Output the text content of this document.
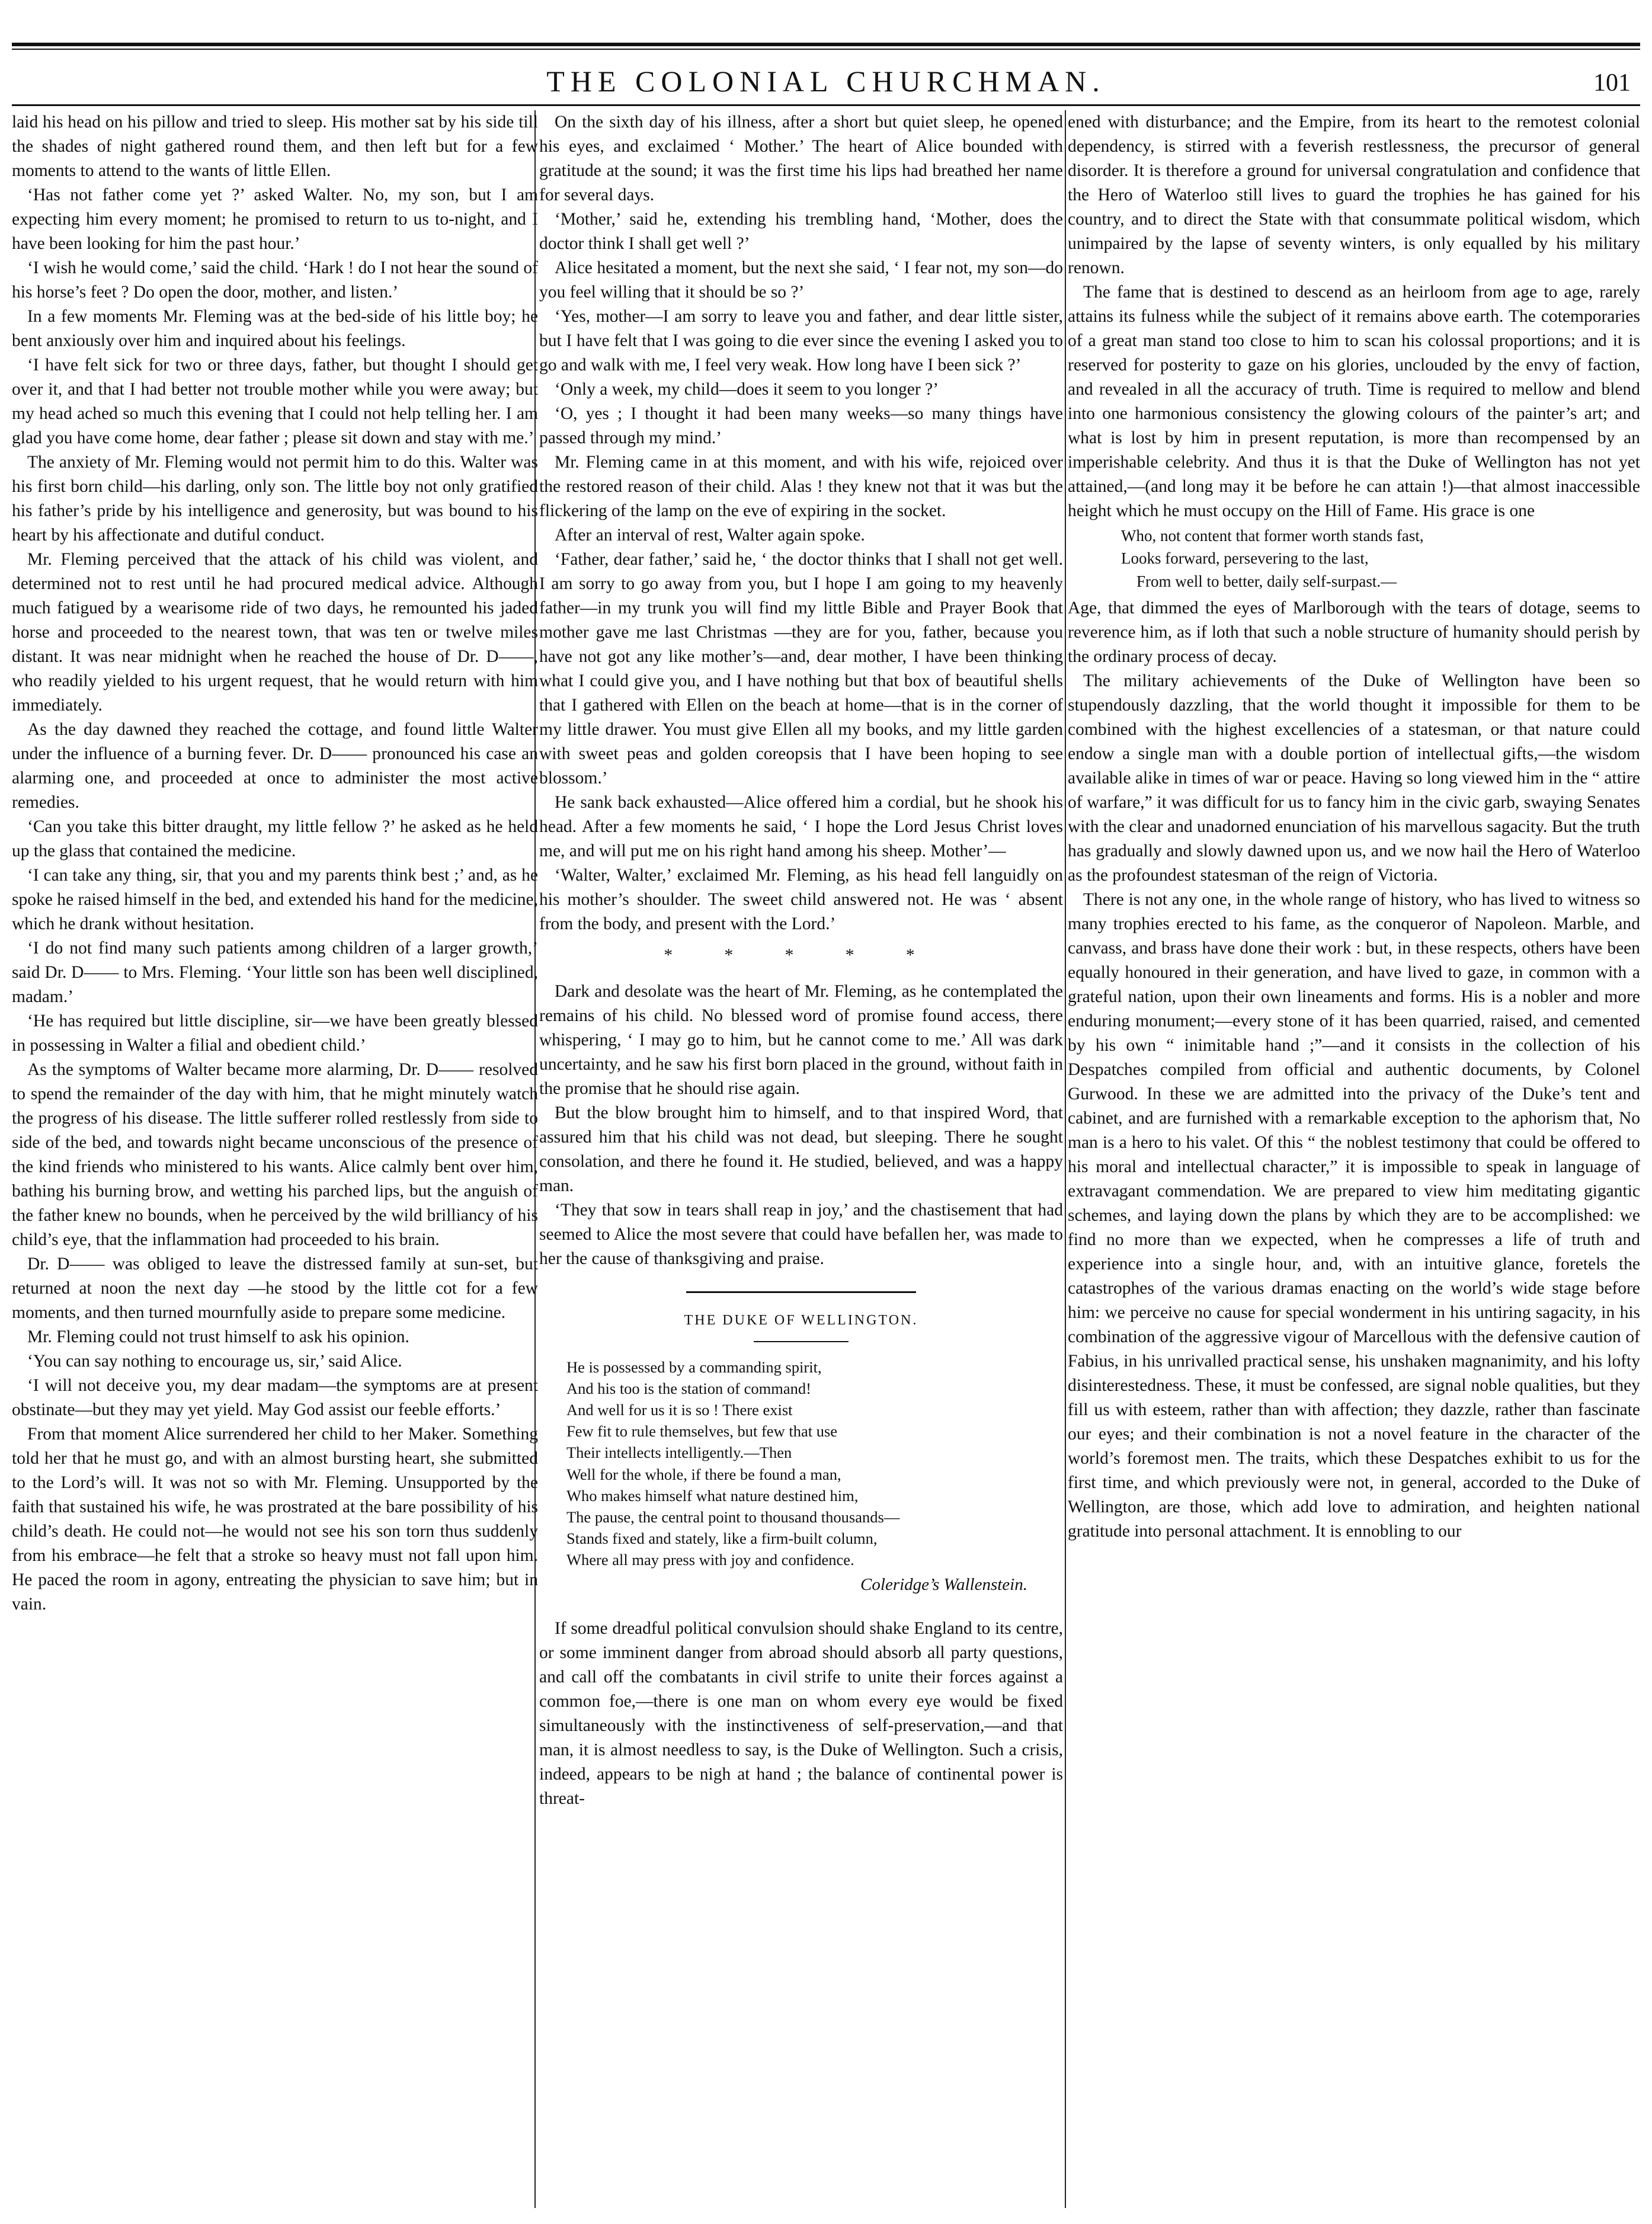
THE COLONIAL CHURCHMAN.	101

laid his head on his pillow and tried to sleep. His mother sat by his side till the shades of night gathered round them, and then left but for a few moments to attend to the wants of little Ellen.

‘Has not father come yet ?’ asked Walter. No, my son, but I am expecting him every moment; he promised to return to us to-night, and I have been looking for him the past hour.’

‘I wish he would come,’ said the child. ‘Hark ! do I not hear the sound of his horse’s feet ? Do open the door, mother, and listen.’

In a few moments Mr. Fleming was at the bed-side of his little boy; he bent anxiously over him and inquired about his feelings.

‘I have felt sick for two or three days, father, but thought I should get over it, and that I had better not trouble mother while you were away; but my head ached so much this evening that I could not help telling her. I am glad you have come home, dear father ; please sit down and stay with me.’

The anxiety of Mr. Fleming would not permit him to do this. Walter was his first born child—his darling, only son. The little boy not only gratified his father’s pride by his intelligence and generosity, but was bound to his heart by his affectionate and dutiful conduct.

Mr. Fleming perceived that the attack of his child was violent, and determined not to rest until he had procured medical advice. Although much fatigued by a wearisome ride of two days, he remounted his jaded horse and proceeded to the nearest town, that was ten or twelve miles distant. It was near midnight when he reached the house of Dr. D——, who readily yielded to his urgent request, that he would return with him immediately.

As the day dawned they reached the cottage, and found little Walter under the influence of a burning fever. Dr. D—— pronounced his case an alarming one, and proceeded at once to administer the most active remedies.

‘Can you take this bitter draught, my little fellow ?’ he asked as he held up the glass that contained the medicine.

‘I can take any thing, sir, that you and my parents think best ;’ and, as he spoke he raised himself in the bed, and extended his hand for the medicine, which he drank without hesitation.

‘I do not find many such patients among children of a larger growth,’ said Dr. D—— to Mrs. Fleming. ‘Your little son has been well disciplined, madam.’

‘He has required but little discipline, sir—we have been greatly blessed in possessing in Walter a filial and obedient child.’

As the symptoms of Walter became more alarming, Dr. D—— resolved to spend the remainder of the day with him, that he might minutely watch the progress of his disease. The little sufferer rolled restlessly from side to side of the bed, and towards night became unconscious of the presence of the kind friends who ministered to his wants. Alice calmly bent over him, bathing his burning brow, and wetting his parched lips, but the anguish of the father knew no bounds, when he perceived by the wild brilliancy of his child’s eye, that the inflammation had proceeded to his brain.

Dr. D—— was obliged to leave the distressed family at sun-set, but returned at noon the next day —he stood by the little cot for a few moments, and then turned mournfully aside to prepare some medicine.

Mr. Fleming could not trust himself to ask his opinion.

‘You can say nothing to encourage us, sir,’ said Alice.

‘I will not deceive you, my dear madam—the symptoms are at present obstinate—but they may yet yield. May God assist our feeble efforts.’

From that moment Alice surrendered her child to her Maker. Something told her that he must go, and with an almost bursting heart, she submitted to the Lord’s will. It was not so with Mr. Fleming. Unsupported by the faith that sustained his wife, he was prostrated at the bare possibility of his child’s death. He could not—he would not see his son torn thus suddenly from his embrace—he felt that a stroke so heavy must not fall upon him. He paced the room in agony, entreating the physician to save him; but in vain.

On the sixth day of his illness, after a short but quiet sleep, he opened his eyes, and exclaimed ‘ Mother.’ The heart of Alice bounded with gratitude at the sound; it was the first time his lips had breathed her name for several days.

‘Mother,’ said he, extending his trembling hand, ‘Mother, does the doctor think I shall get well ?’

Alice hesitated a moment, but the next she said, ‘ I fear not, my son—do you feel willing that it should be so ?’

‘Yes, mother—I am sorry to leave you and father, and dear little sister, but I have felt that I was going to die ever since the evening I asked you to go and walk with me, I feel very weak. How long have I been sick ?’

‘Only a week, my child—does it seem to you longer ?’

‘O, yes ; I thought it had been many weeks—so many things have passed through my mind.’

Mr. Fleming came in at this moment, and with his wife, rejoiced over the restored reason of their child. Alas ! they knew not that it was but the flickering of the lamp on the eve of expiring in the socket.

After an interval of rest, Walter again spoke.

‘Father, dear father,’ said he, ‘ the doctor thinks that I shall not get well. I am sorry to go away from you, but I hope I am going to my heavenly father—in my trunk you will find my little Bible and Prayer Book that mother gave me last Christmas —they are for you, father, because you have not got any like mother’s—and, dear mother, I have been thinking what I could give you, and I have nothing but that box of beautiful shells that I gathered with Ellen on the beach at home—that is in the corner of my little drawer. You must give Ellen all my books, and my little garden with sweet peas and golden coreopsis that I have been hoping to see blossom.’

He sank back exhausted—Alice offered him a cordial, but he shook his head. After a few moments he said, ‘ I hope the Lord Jesus Christ loves me, and will put me on his right hand among his sheep. Mother’—

‘Walter, Walter,’ exclaimed Mr. Fleming, as his head fell languidly on his mother’s shoulder. The sweet child answered not. He was ‘ absent from the body, and present with the Lord.’

* * * * *

Dark and desolate was the heart of Mr. Fleming, as he contemplated the remains of his child. No blessed word of promise found access, there whispering, ‘ I may go to him, but he cannot come to me.’ All was dark uncertainty, and he saw his first born placed in the ground, without faith in the promise that he should rise again.

But the blow brought him to himself, and to that inspired Word, that assured him that his child was not dead, but sleeping. There he sought consolation, and there he found it. He studied, believed, and was a happy man.

‘They that sow in tears shall reap in joy,’ and the chastisement that had seemed to Alice the most severe that could have befallen her, was made to her the cause of thanksgiving and praise.

THE DUKE OF WELLINGTON.
He is possessed by a commanding spirit,
And his too is the station of command!
And well for us it is so ! There exist
Few fit to rule themselves, but few that use
Their intellects intelligently.—Then
Well for the whole, if there be found a man,
Who makes himself what nature destined him,
The pause, the central point to thousand thousands—
Stands fixed and stately, like a firm-built column,
Where all may press with joy and confidence.
Coleridge’s Wallenstein.

If some dreadful political convulsion should shake England to its centre, or some imminent danger from abroad should absorb all party questions, and call off the combatants in civil strife to unite their forces against a common foe,—there is one man on whom every eye would be fixed simultaneously with the instinctiveness of self-preservation,—and that man, it is almost needless to say, is the Duke of Wellington. Such a crisis, indeed, appears to be nigh at hand ; the balance of continental power is threat-

ened with disturbance; and the Empire, from its heart to the remotest colonial dependency, is stirred with a feverish restlessness, the precursor of general disorder. It is therefore a ground for universal congratulation and confidence that the Hero of Waterloo still lives to guard the trophies he has gained for his country, and to direct the State with that consummate political wisdom, which unimpaired by the lapse of seventy winters, is only equalled by his military renown.

The fame that is destined to descend as an heirloom from age to age, rarely attains its fulness while the subject of it remains above earth. The cotemporaries of a great man stand too close to him to scan his colossal proportions; and it is reserved for posterity to gaze on his glories, unclouded by the envy of faction, and revealed in all the accuracy of truth. Time is required to mellow and blend into one harmonious consistency the glowing colours of the painter’s art; and what is lost by him in present reputation, is more than recompensed by an imperishable celebrity. And thus it is that the Duke of Wellington has not yet attained,—(and long may it be before he can attain !)—that almost inaccessible height which he must occupy on the Hill of Fame. His grace is one

Who, not content that former worth stands fast,
Looks forward, persevering to the last,
From well to better, daily self-surpast.—

Age, that dimmed the eyes of Marlborough with the tears of dotage, seems to reverence him, as if loth that such a noble structure of humanity should perish by the ordinary process of decay.

The military achievements of the Duke of Wellington have been so stupendously dazzling, that the world thought it impossible for them to be combined with the highest excellencies of a statesman, or that nature could endow a single man with a double portion of intellectual gifts,—the wisdom available alike in times of war or peace. Having so long viewed him in the “ attire of warfare,” it was difficult for us to fancy him in the civic garb, swaying Senates with the clear and unadorned enunciation of his marvellous sagacity. But the truth has gradually and slowly dawned upon us, and we now hail the Hero of Waterloo as the profoundest statesman of the reign of Victoria.

There is not any one, in the whole range of history, who has lived to witness so many trophies erected to his fame, as the conqueror of Napoleon. Marble, and canvass, and brass have done their work : but, in these respects, others have been equally honoured in their generation, and have lived to gaze, in common with a grateful nation, upon their own lineaments and forms. His is a nobler and more enduring monument;—every stone of it has been quarried, raised, and cemented by his own “ inimitable hand ;”—and it consists in the collection of his Despatches compiled from official and authentic documents, by Colonel Gurwood. In these we are admitted into the privacy of the Duke’s tent and cabinet, and are furnished with a remarkable exception to the aphorism that, No man is a hero to his valet. Of this “ the noblest testimony that could be offered to his moral and intellectual character,” it is impossible to speak in language of extravagant commendation. We are prepared to view him meditating gigantic schemes, and laying down the plans by which they are to be accomplished: we find no more than we expected, when he compresses a life of truth and experience into a single hour, and, with an intuitive glance, foretels the catastrophes of the various dramas enacting on the world’s wide stage before him: we perceive no cause for special wonderment in his untiring sagacity, in his combination of the aggressive vigour of Marcellous with the defensive caution of Fabius, in his unrivalled practical sense, his unshaken magnanimity, and his lofty disinterestedness. These, it must be confessed, are signal noble qualities, but they fill us with esteem, rather than with affection; they dazzle, rather than fascinate our eyes; and their combination is not a novel feature in the character of the world’s foremost men. The traits, which these Despatches exhibit to us for the first time, and which previously were not, in general, accorded to the Duke of Wellington, are those, which add love to admiration, and heighten national gratitude into personal attachment. It is ennobling to our
